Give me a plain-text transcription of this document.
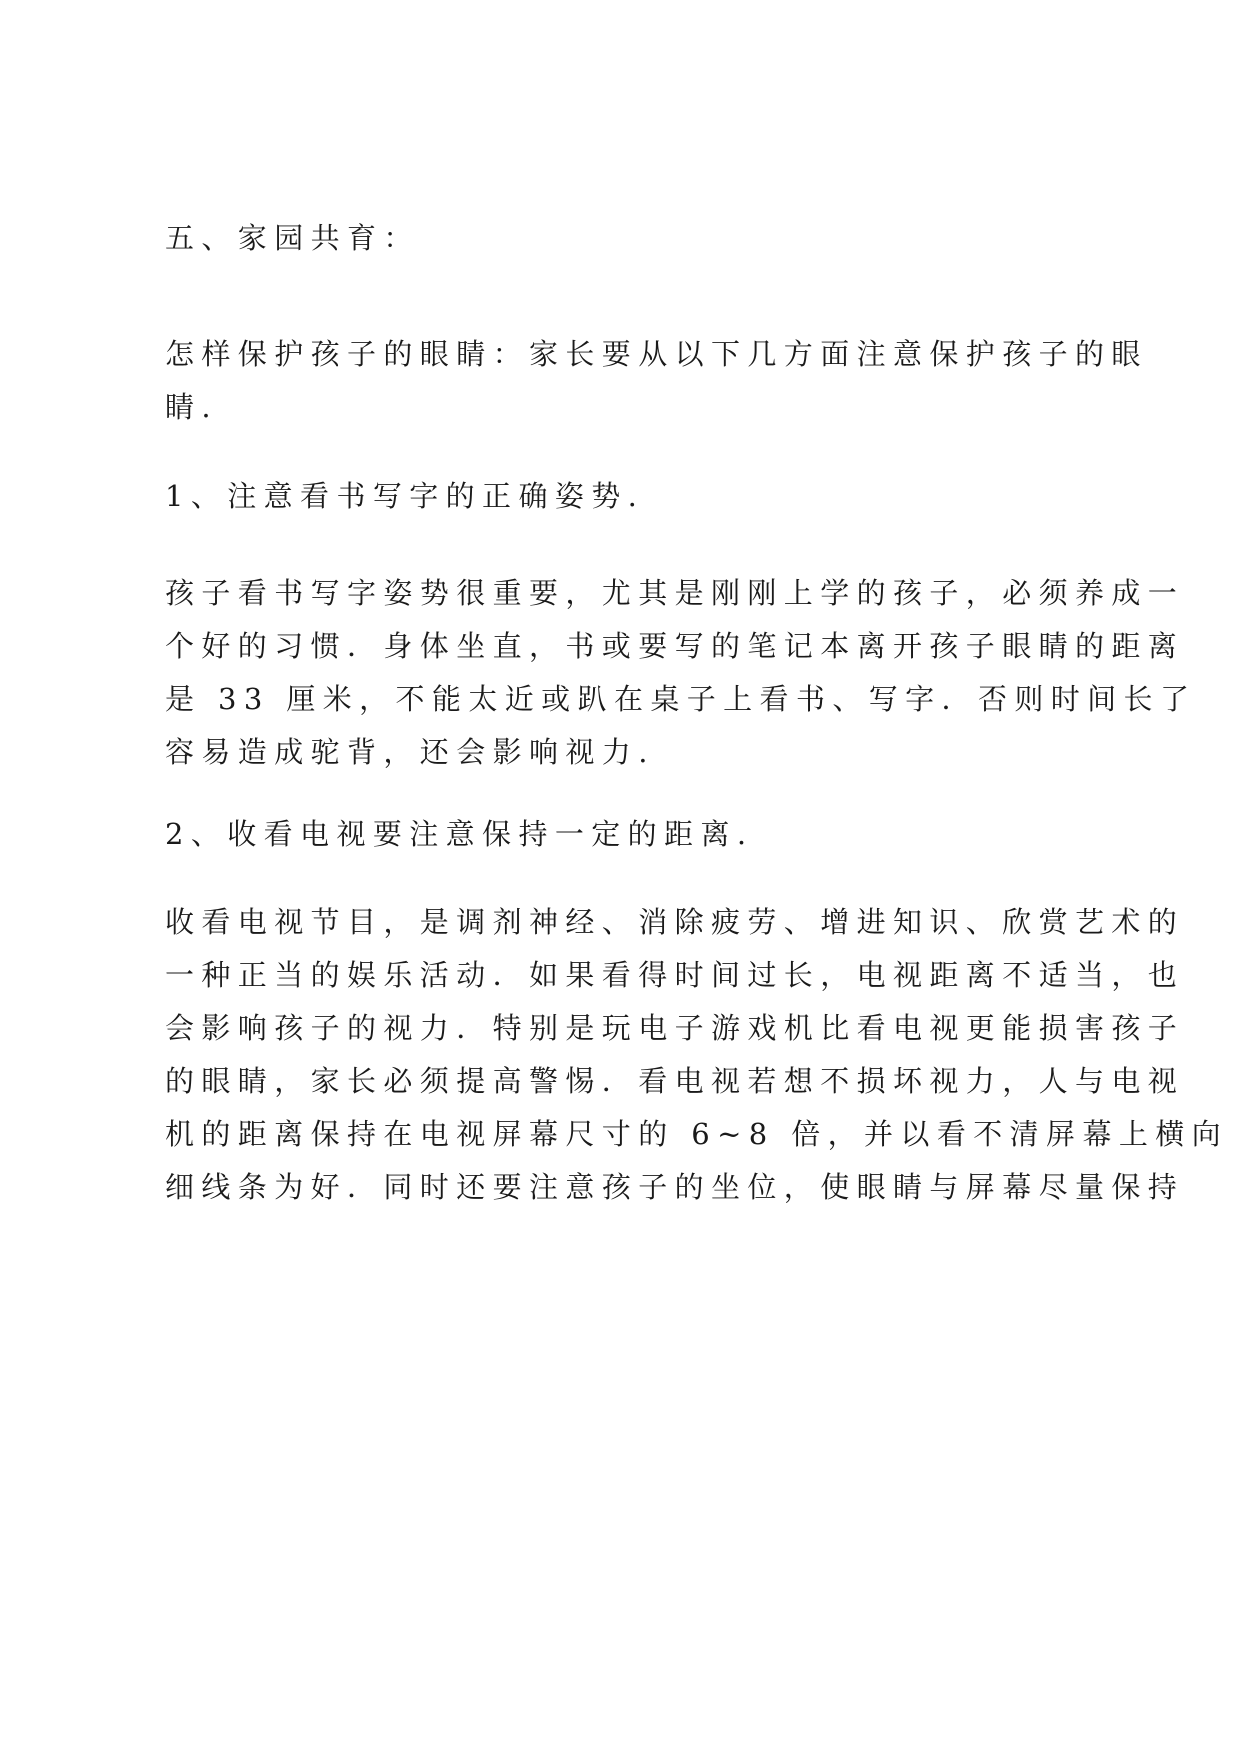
五、家园共育：
怎样保护孩子的眼睛：家长要从以下几方面注意保护孩子的眼
睛.
1、注意看书写字的正确姿势.
孩子看书写字姿势很重要，尤其是刚刚上学的孩子，必须养成一
个好的习惯．身体坐直，书或要写的笔记本离开孩子眼睛的距离
是 33 厘米，不能太近或趴在桌子上看书、写字．否则时间长了
容易造成驼背，还会影响视力.
2、收看电视要注意保持一定的距离.
收看电视节目，是调剂神经、消除疲劳、增进知识、欣赏艺术的
一种正当的娱乐活动．如果看得时间过长，电视距离不适当，也
会影响孩子的视力．特别是玩电子游戏机比看电视更能损害孩子
的眼睛，家长必须提高警惕．看电视若想不损坏视力，人与电视
机的距离保持在电视屏幕尺寸的 6~8 倍，并以看不清屏幕上横向
细线条为好．同时还要注意孩子的坐位，使眼睛与屏幕尽量保持
